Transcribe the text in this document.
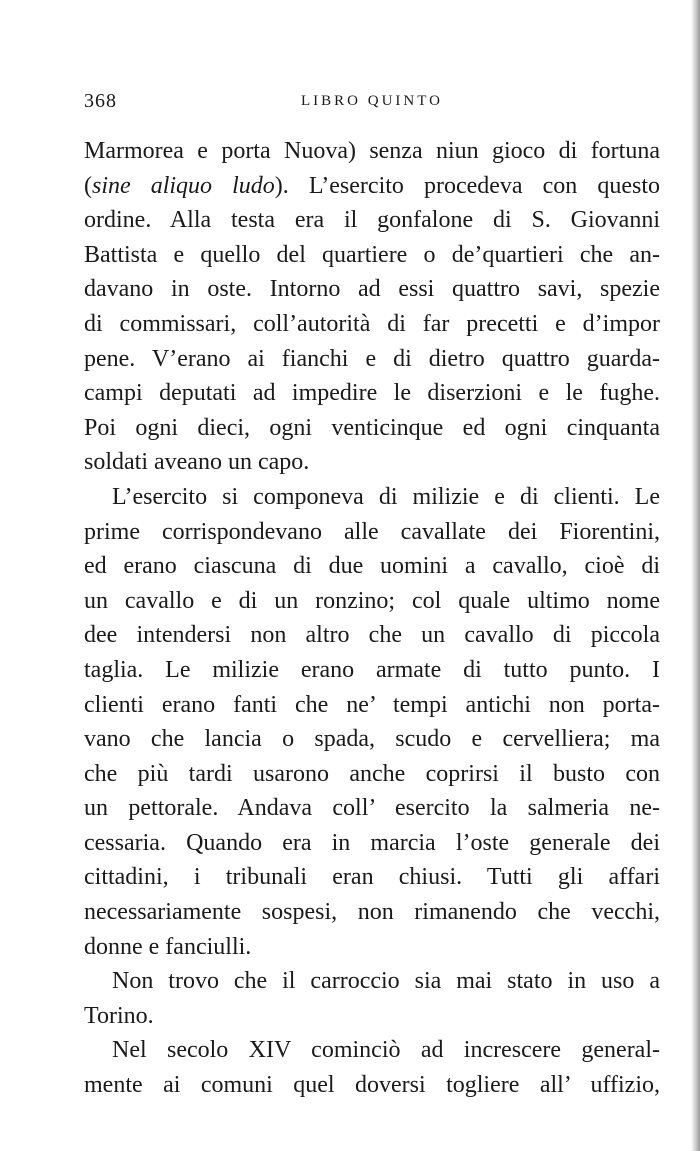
368	LIBRO QUINTO
Marmorea e porta Nuova) senza niun gioco di fortuna
(sine aliquo ludo). L’esercito procedeva con questo
ordine. Alla testa era il gonfalone di S. Giovanni
Battista e quello del quartiere o de’quartieri che an-
davano in oste. Intorno ad essi quattro savi, spezie
di commissari, coll’autorità di far precetti e d’impor
pene. V’erano ai fianchi e di dietro quattro guarda-
campi deputati ad impedire le diserzioni e le fughe.
Poi ogni dieci, ogni venticinque ed ogni cinquanta
soldati aveano un capo.
L’esercito si componeva di milizie e di clienti. Le
prime corrispondevano alle cavallate dei Fiorentini,
ed erano ciascuna di due uomini a cavallo, cioè di
un cavallo e di un ronzino; col quale ultimo nome
dee intendersi non altro che un cavallo di piccola
taglia. Le milizie erano armate di tutto punto. I
clienti erano fanti che ne’ tempi antichi non porta-
vano che lancia o spada, scudo e cervelliera; ma
che più tardi usarono anche coprirsi il busto con
un pettorale. Andava coll’ esercito la salmeria ne-
cessaria. Quando era in marcia l’oste generale dei
cittadini, i tribunali eran chiusi. Tutti gli affari
necessariamente sospesi, non rimanendo che vecchi,
donne e fanciulli.
Non trovo che il carroccio sia mai stato in uso a
Torino.
Nel secolo XIV cominciò ad increscere general-
mente ai comuni quel doversi togliere all’ uffizio,
